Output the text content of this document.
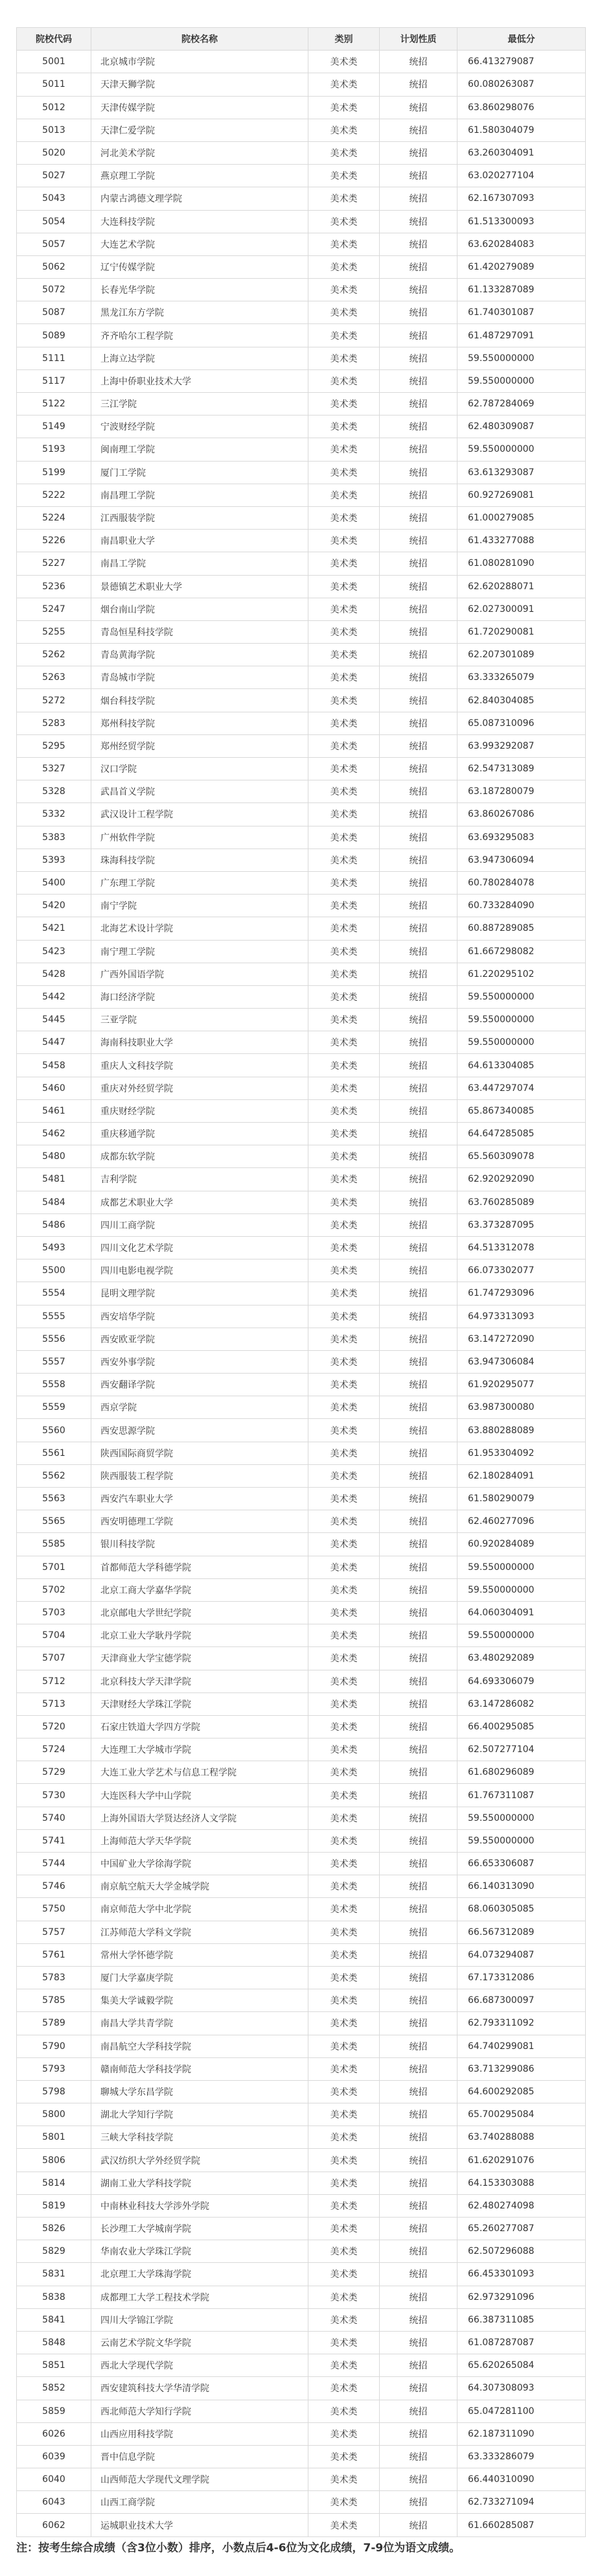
院校代码	院校名称	类别	计划性质	最低分
5001	北京城市学院	美术类	统招	66.413279087
5011	天津天狮学院	美术类	统招	60.080263087
5012	天津传媒学院	美术类	统招	63.860298076
5013	天津仁爱学院	美术类	统招	61.580304079
5020	河北美术学院	美术类	统招	63.260304091
5027	燕京理工学院	美术类	统招	63.020277104
5043	内蒙古鸿德文理学院	美术类	统招	62.167307093
5054	大连科技学院	美术类	统招	61.513300093
5057	大连艺术学院	美术类	统招	63.620284083
5062	辽宁传媒学院	美术类	统招	61.420279089
5072	长春光华学院	美术类	统招	61.133287089
5087	黑龙江东方学院	美术类	统招	61.740301087
5089	齐齐哈尔工程学院	美术类	统招	61.487297091
5111	上海立达学院	美术类	统招	59.550000000
5117	上海中侨职业技术大学	美术类	统招	59.550000000
5122	三江学院	美术类	统招	62.787284069
5149	宁波财经学院	美术类	统招	62.480309087
5193	闽南理工学院	美术类	统招	59.550000000
5199	厦门工学院	美术类	统招	63.613293087
5222	南昌理工学院	美术类	统招	60.927269081
5224	江西服装学院	美术类	统招	61.000279085
5226	南昌职业大学	美术类	统招	61.433277088
5227	南昌工学院	美术类	统招	61.080281090
5236	景德镇艺术职业大学	美术类	统招	62.620288071
5247	烟台南山学院	美术类	统招	62.027300091
5255	青岛恒星科技学院	美术类	统招	61.720290081
5262	青岛黄海学院	美术类	统招	62.207301089
5263	青岛城市学院	美术类	统招	63.333265079
5272	烟台科技学院	美术类	统招	62.840304085
5283	郑州科技学院	美术类	统招	65.087310096
5295	郑州经贸学院	美术类	统招	63.993292087
5327	汉口学院	美术类	统招	62.547313089
5328	武昌首义学院	美术类	统招	63.187280079
5332	武汉设计工程学院	美术类	统招	63.860267086
5383	广州软件学院	美术类	统招	63.693295083
5393	珠海科技学院	美术类	统招	63.947306094
5400	广东理工学院	美术类	统招	60.780284078
5420	南宁学院	美术类	统招	60.733284090
5421	北海艺术设计学院	美术类	统招	60.887289085
5423	南宁理工学院	美术类	统招	61.667298082
5428	广西外国语学院	美术类	统招	61.220295102
5442	海口经济学院	美术类	统招	59.550000000
5445	三亚学院	美术类	统招	59.550000000
5447	海南科技职业大学	美术类	统招	59.550000000
5458	重庆人文科技学院	美术类	统招	64.613304085
5460	重庆对外经贸学院	美术类	统招	63.447297074
5461	重庆财经学院	美术类	统招	65.867340085
5462	重庆移通学院	美术类	统招	64.647285085
5480	成都东软学院	美术类	统招	65.560309078
5481	吉利学院	美术类	统招	62.920292090
5484	成都艺术职业大学	美术类	统招	63.760285089
5486	四川工商学院	美术类	统招	63.373287095
5493	四川文化艺术学院	美术类	统招	64.513312078
5500	四川电影电视学院	美术类	统招	66.073302077
5554	昆明文理学院	美术类	统招	61.747293096
5555	西安培华学院	美术类	统招	64.973313093
5556	西安欧亚学院	美术类	统招	63.147272090
5557	西安外事学院	美术类	统招	63.947306084
5558	西安翻译学院	美术类	统招	61.920295077
5559	西京学院	美术类	统招	63.987300080
5560	西安思源学院	美术类	统招	63.880288089
5561	陕西国际商贸学院	美术类	统招	61.953304092
5562	陕西服装工程学院	美术类	统招	62.180284091
5563	西安汽车职业大学	美术类	统招	61.580290079
5565	西安明德理工学院	美术类	统招	62.460277096
5585	银川科技学院	美术类	统招	60.920284089
5701	首都师范大学科德学院	美术类	统招	59.550000000
5702	北京工商大学嘉华学院	美术类	统招	59.550000000
5703	北京邮电大学世纪学院	美术类	统招	64.060304091
5704	北京工业大学耿丹学院	美术类	统招	59.550000000
5707	天津商业大学宝德学院	美术类	统招	63.480292089
5712	北京科技大学天津学院	美术类	统招	64.693306079
5713	天津财经大学珠江学院	美术类	统招	63.147286082
5720	石家庄铁道大学四方学院	美术类	统招	66.400295085
5724	大连理工大学城市学院	美术类	统招	62.507277104
5729	大连工业大学艺术与信息工程学院	美术类	统招	61.680296089
5730	大连医科大学中山学院	美术类	统招	61.767311087
5740	上海外国语大学贤达经济人文学院	美术类	统招	59.550000000
5741	上海师范大学天华学院	美术类	统招	59.550000000
5744	中国矿业大学徐海学院	美术类	统招	66.653306087
5746	南京航空航天大学金城学院	美术类	统招	66.140313090
5750	南京师范大学中北学院	美术类	统招	68.060305085
5757	江苏师范大学科文学院	美术类	统招	66.567312089
5761	常州大学怀德学院	美术类	统招	64.073294087
5783	厦门大学嘉庚学院	美术类	统招	67.173312086
5785	集美大学诚毅学院	美术类	统招	66.687300097
5789	南昌大学共青学院	美术类	统招	62.793311092
5790	南昌航空大学科技学院	美术类	统招	64.740299081
5793	赣南师范大学科技学院	美术类	统招	63.713299086
5798	聊城大学东昌学院	美术类	统招	64.600292085
5800	湖北大学知行学院	美术类	统招	65.700295084
5801	三峡大学科技学院	美术类	统招	63.740288088
5806	武汉纺织大学外经贸学院	美术类	统招	61.620291076
5814	湖南工业大学科技学院	美术类	统招	64.153303088
5819	中南林业科技大学涉外学院	美术类	统招	62.480274098
5826	长沙理工大学城南学院	美术类	统招	65.260277087
5829	华南农业大学珠江学院	美术类	统招	62.507296088
5831	北京理工大学珠海学院	美术类	统招	66.453301093
5838	成都理工大学工程技术学院	美术类	统招	62.973291096
5841	四川大学锦江学院	美术类	统招	66.387311085
5848	云南艺术学院文华学院	美术类	统招	61.087287087
5851	西北大学现代学院	美术类	统招	65.620265084
5852	西安建筑科技大学华清学院	美术类	统招	64.307308093
5859	西北师范大学知行学院	美术类	统招	65.047281100
6026	山西应用科技学院	美术类	统招	62.187311090
6039	晋中信息学院	美术类	统招	63.333286079
6040	山西师范大学现代文理学院	美术类	统招	66.440310090
6043	山西工商学院	美术类	统招	62.733271094
6062	运城职业技术大学	美术类	统招	61.660285087
注：按考生综合成绩（含3位小数）排序，小数点后4-6位为文化成绩，7-9位为语文成绩。
